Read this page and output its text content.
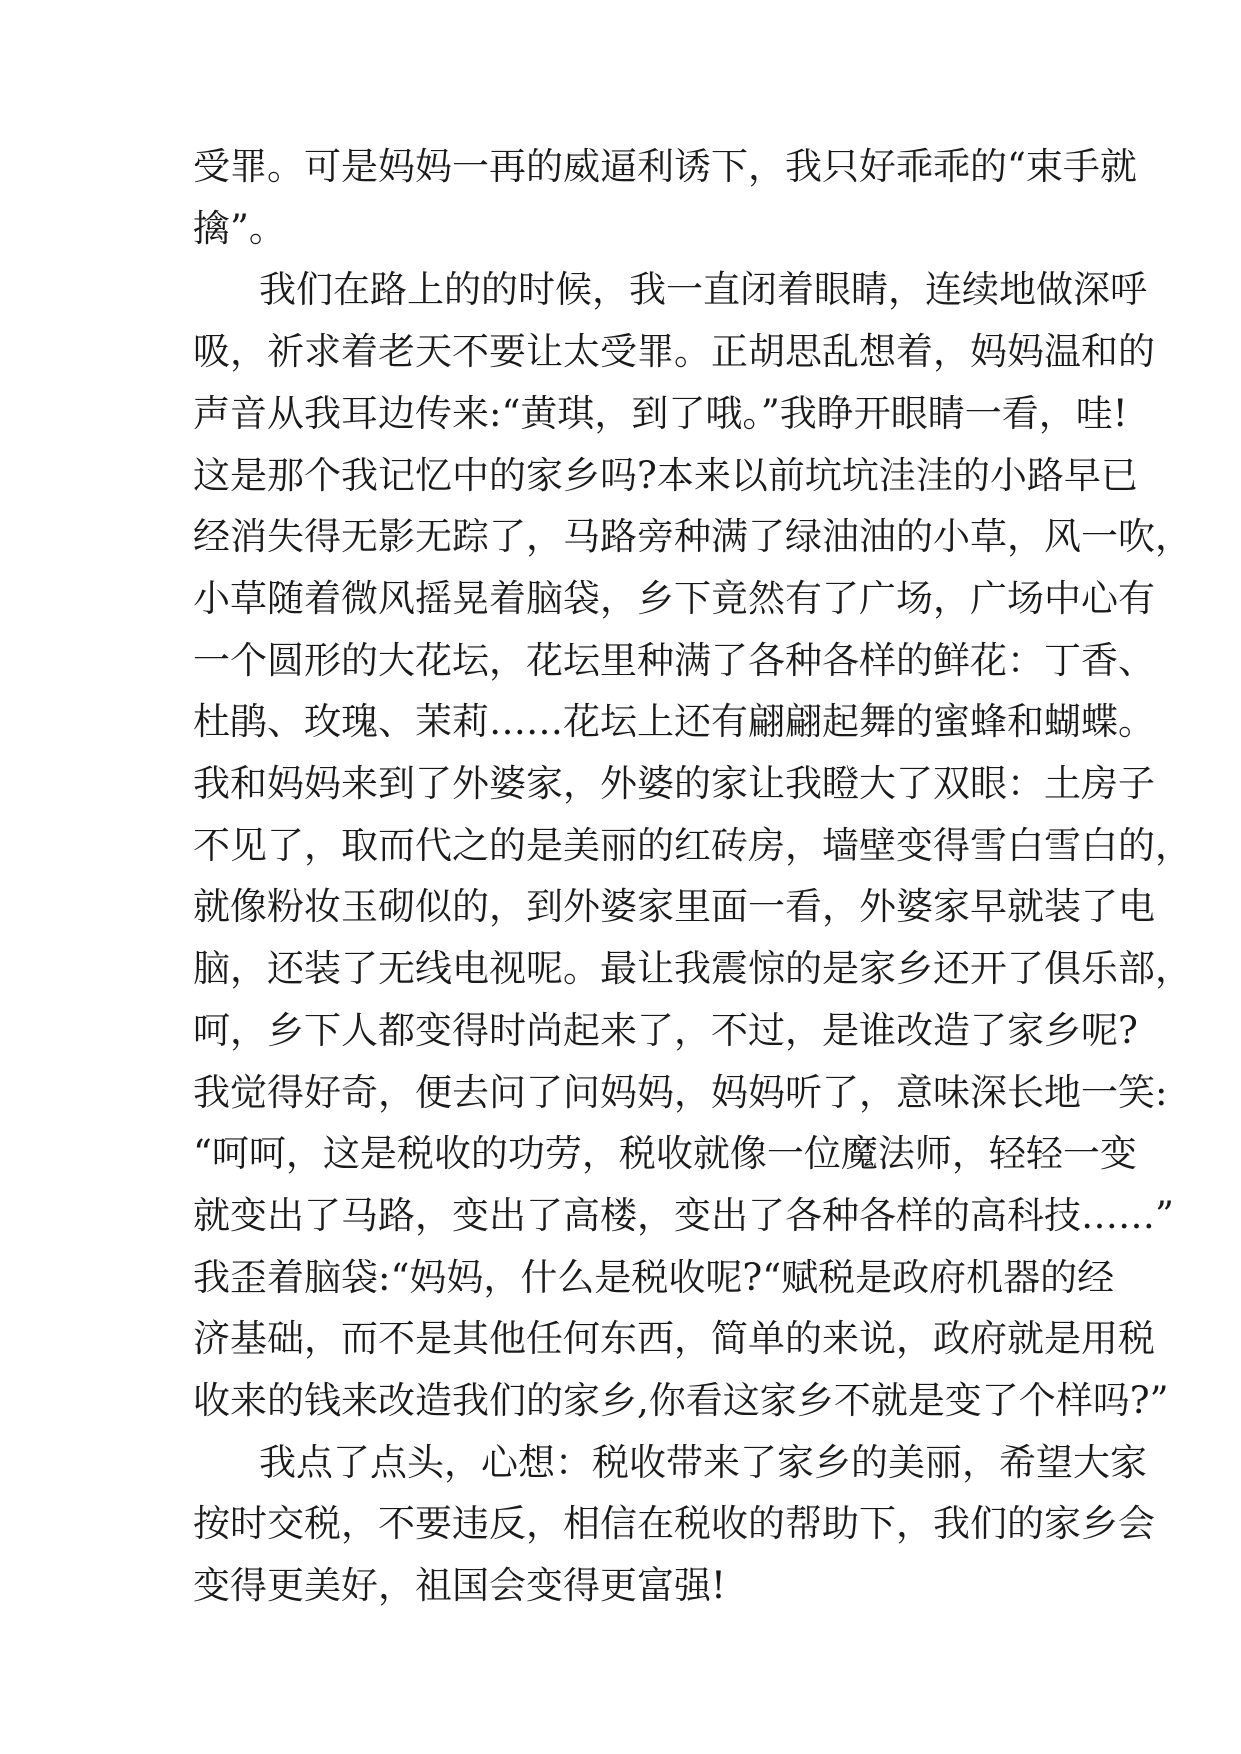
受罪。可是妈妈一再的威逼利诱下，我只好乖乖的“束手就
擒”。
我们在路上的的时候，我一直闭着眼睛，连续地做深呼
吸，祈求着老天不要让太受罪。正胡思乱想着，妈妈温和的
声音从我耳边传来:“黄琪，到了哦。”我睁开眼睛一看，哇!
这是那个我记忆中的家乡吗?本来以前坑坑洼洼的小路早已
经消失得无影无踪了，马路旁种满了绿油油的小草，风一吹，
小草随着微风摇晃着脑袋，乡下竟然有了广场，广场中心有
一个圆形的大花坛，花坛里种满了各种各样的鲜花：丁香、
杜鹃、玫瑰、茉莉……花坛上还有翩翩起舞的蜜蜂和蝴蝶。
我和妈妈来到了外婆家，外婆的家让我瞪大了双眼：土房子
不见了，取而代之的是美丽的红砖房，墙壁变得雪白雪白的，
就像粉妆玉砌似的，到外婆家里面一看，外婆家早就装了电
脑，还装了无线电视呢。最让我震惊的是家乡还开了俱乐部，
呵，乡下人都变得时尚起来了，不过，是谁改造了家乡呢?
我觉得好奇，便去问了问妈妈，妈妈听了，意味深长地一笑:
“呵呵，这是税收的功劳，税收就像一位魔法师，轻轻一变
就变出了马路，变出了高楼，变出了各种各样的高科技……”
我歪着脑袋:“妈妈，什么是税收呢?“赋税是政府机器的经
济基础，而不是其他任何东西，简单的来说，政府就是用税
收来的钱来改造我们的家乡,你看这家乡不就是变了个样吗?”
我点了点头，心想：税收带来了家乡的美丽，希望大家
按时交税，不要违反，相信在税收的帮助下，我们的家乡会
变得更美好，祖国会变得更富强!
